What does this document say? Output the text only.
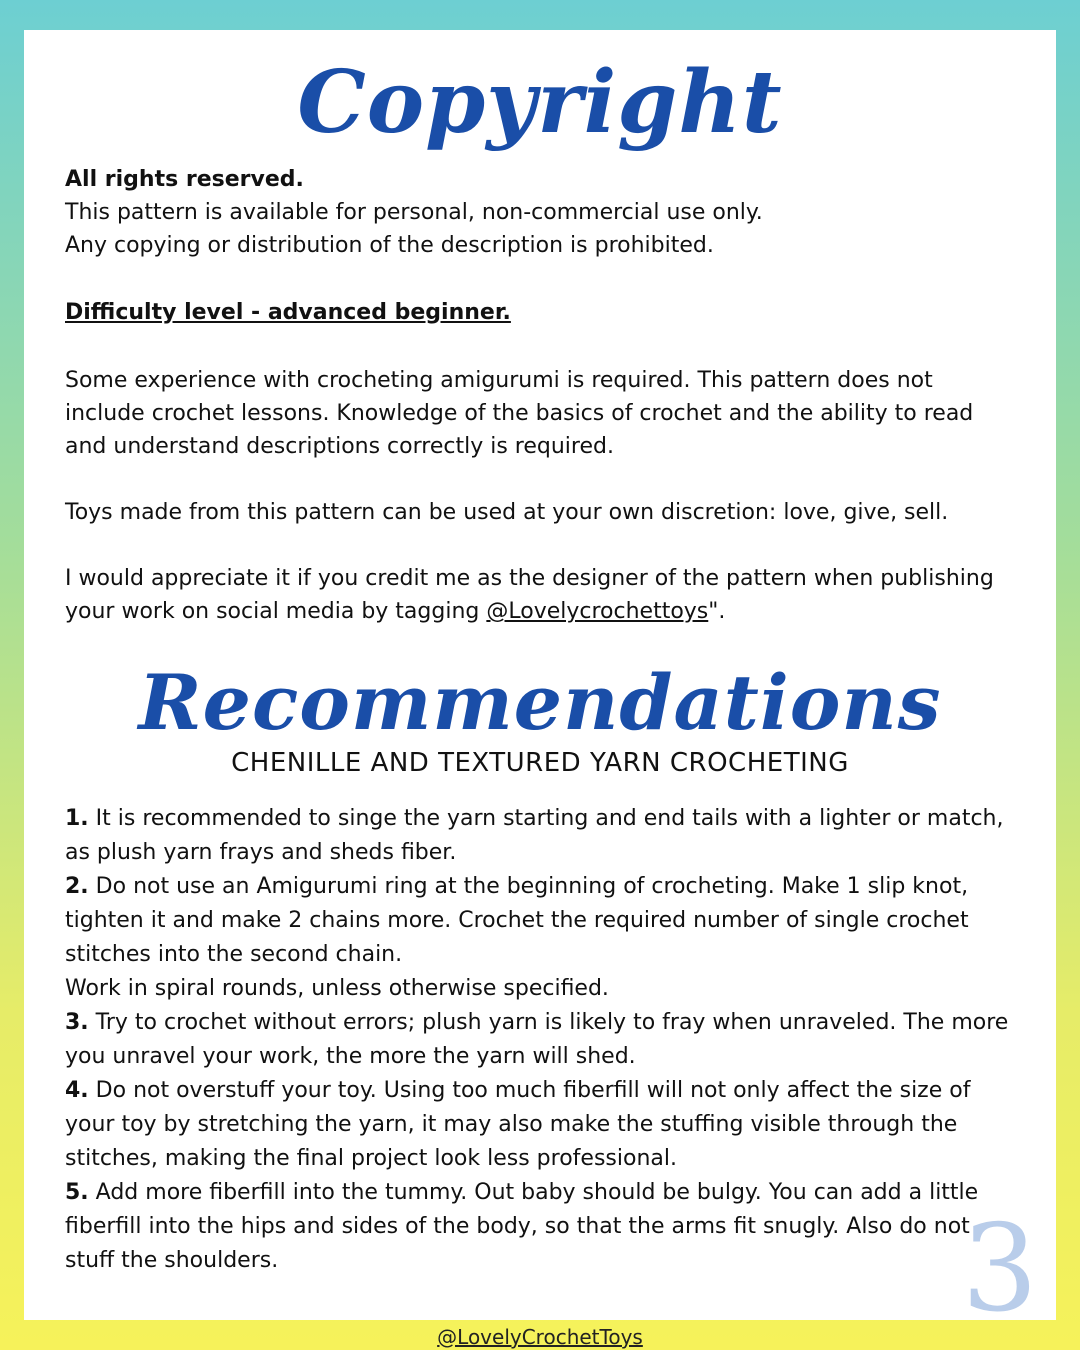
Copyright
All rights reserved.
This pattern is available for personal, non-commercial use only.
Any copying or distribution of the description is prohibited.
Difficulty level - advanced beginner.
Some experience with crocheting amigurumi is required. This pattern does not include crochet lessons. Knowledge of the basics of crochet and the ability to read and understand descriptions correctly is required.
Toys made from this pattern can be used at your own discretion: love, give, sell.
I would appreciate it if you credit me as the designer of the pattern when publishing your work on social media by tagging @Lovelycrochettoys".
Recommendations
CHENILLE AND TEXTURED YARN CROCHETING
1. It is recommended to singe the yarn starting and end tails with a lighter or match, as plush yarn frays and sheds fiber.
2. Do not use an Amigurumi ring at the beginning of crocheting. Make 1 slip knot, tighten it and make 2 chains more. Crochet the required number of single crochet stitches into the second chain.
Work in spiral rounds, unless otherwise specified.
3. Try to crochet without errors; plush yarn is likely to fray when unraveled. The more you unravel your work, the more the yarn will shed.
4. Do not overstuff your toy. Using too much fiberfill will not only affect the size of your toy by stretching the yarn, it may also make the stuffing visible through the stitches, making the final project look less professional.
5. Add more fiberfill into the tummy. Out baby should be bulgy. You can add a little fiberfill into the hips and sides of the body, so that the arms fit snugly. Also do not stuff the shoulders.	3
@LovelyCrochetToys
